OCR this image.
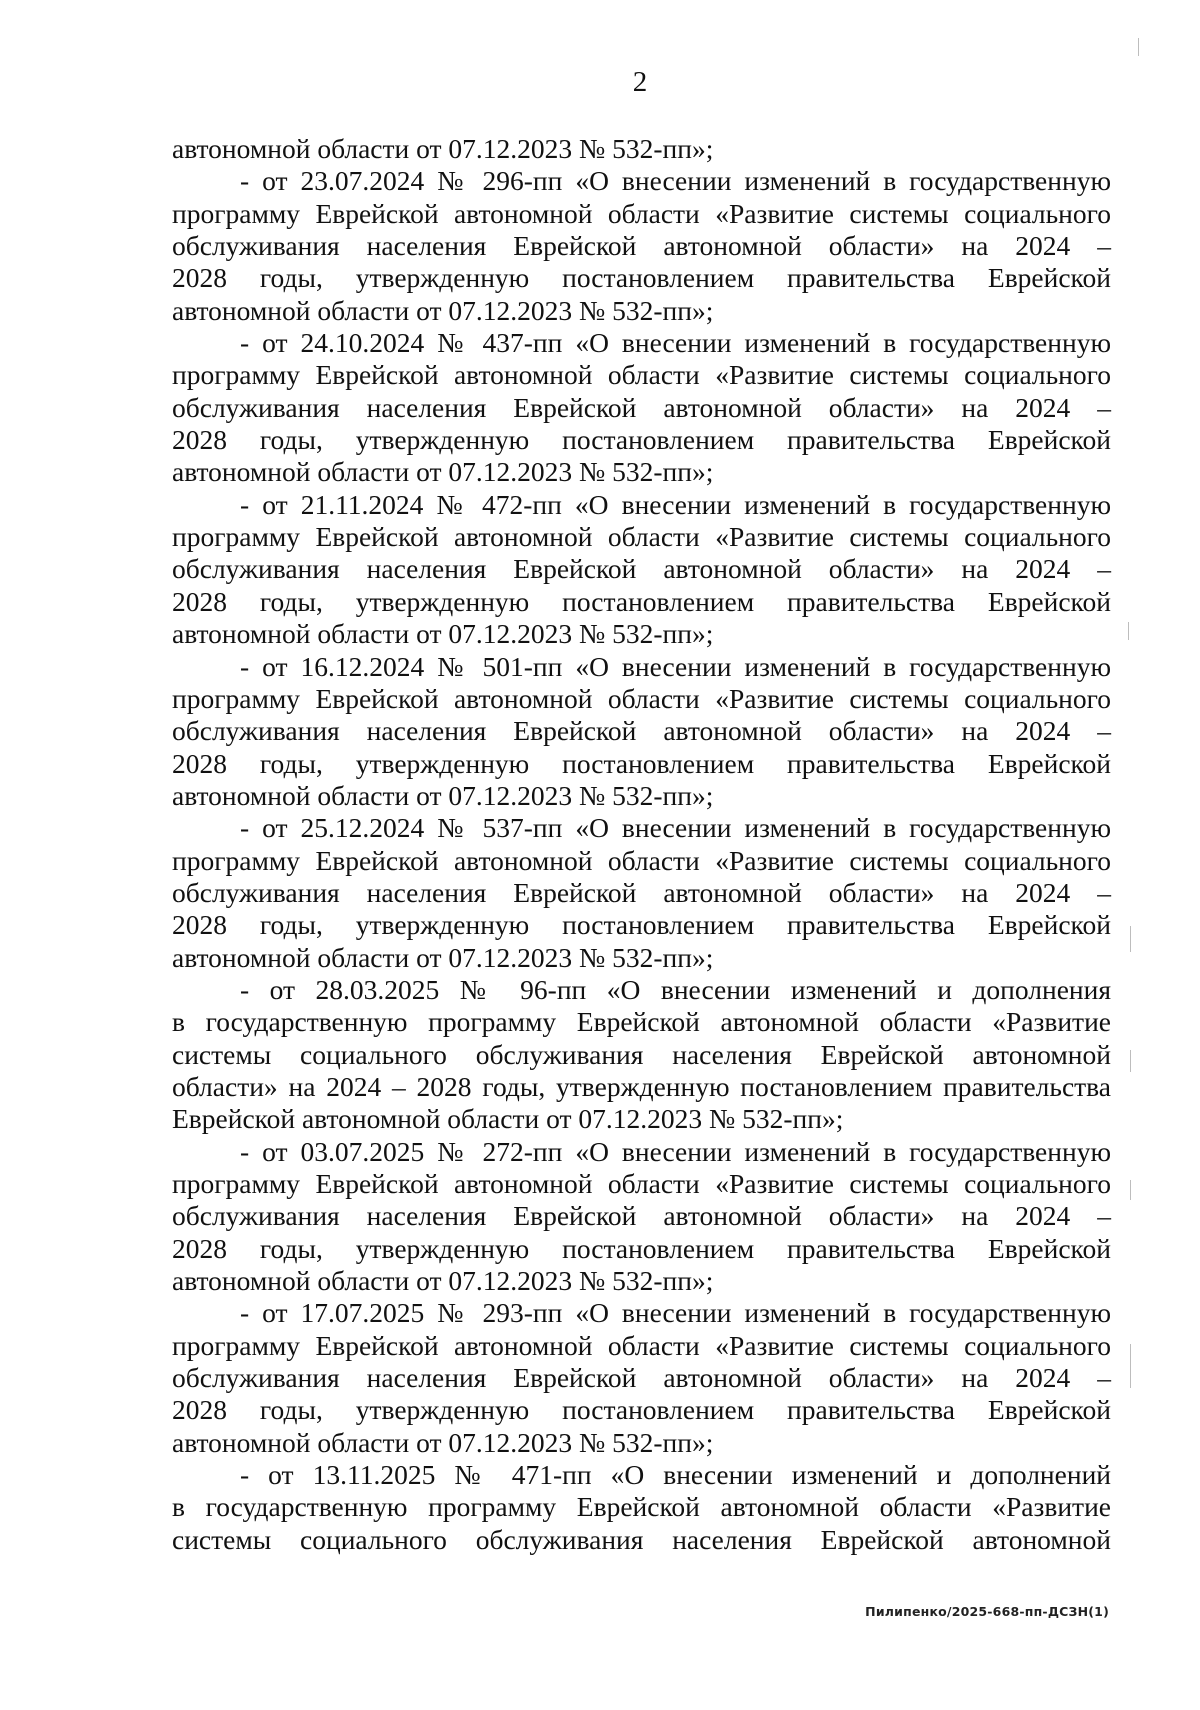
2
автономной области от 07.12.2023 № 532-пп»;
- от 23.07.2024 № 296-пп «О внесении изменений в государственную
программу Еврейской автономной области «Развитие системы социального
обслуживания населения Еврейской автономной области» на 2024 –
2028 годы, утвержденную постановлением правительства Еврейской
автономной области от 07.12.2023 № 532-пп»;
- от 24.10.2024 № 437-пп «О внесении изменений в государственную
программу Еврейской автономной области «Развитие системы социального
обслуживания населения Еврейской автономной области» на 2024 –
2028 годы, утвержденную постановлением правительства Еврейской
автономной области от 07.12.2023 № 532-пп»;
- от 21.11.2024 № 472-пп «О внесении изменений в государственную
программу Еврейской автономной области «Развитие системы социального
обслуживания населения Еврейской автономной области» на 2024 –
2028 годы, утвержденную постановлением правительства Еврейской
автономной области от 07.12.2023 № 532-пп»;
- от 16.12.2024 № 501-пп «О внесении изменений в государственную
программу Еврейской автономной области «Развитие системы социального
обслуживания населения Еврейской автономной области» на 2024 –
2028 годы, утвержденную постановлением правительства Еврейской
автономной области от 07.12.2023 № 532-пп»;
- от 25.12.2024 № 537-пп «О внесении изменений в государственную
программу Еврейской автономной области «Развитие системы социального
обслуживания населения Еврейской автономной области» на 2024 –
2028 годы, утвержденную постановлением правительства Еврейской
автономной области от 07.12.2023 № 532-пп»;
- от 28.03.2025 № 96-пп «О внесении изменений и дополнения
в государственную программу Еврейской автономной области «Развитие
системы социального обслуживания населения Еврейской автономной
области» на 2024 – 2028 годы, утвержденную постановлением правительства
Еврейской автономной области от 07.12.2023 № 532-пп»;
- от 03.07.2025 № 272-пп «О внесении изменений в государственную
программу Еврейской автономной области «Развитие системы социального
обслуживания населения Еврейской автономной области» на 2024 –
2028 годы, утвержденную постановлением правительства Еврейской
автономной области от 07.12.2023 № 532-пп»;
- от 17.07.2025 № 293-пп «О внесении изменений в государственную
программу Еврейской автономной области «Развитие системы социального
обслуживания населения Еврейской автономной области» на 2024 –
2028 годы, утвержденную постановлением правительства Еврейской
автономной области от 07.12.2023 № 532-пп»;
- от 13.11.2025 № 471-пп «О внесении изменений и дополнений
в государственную программу Еврейской автономной области «Развитие
системы социального обслуживания населения Еврейской автономной
Пилипенко/2025-668-пп-ДСЗН(1)
